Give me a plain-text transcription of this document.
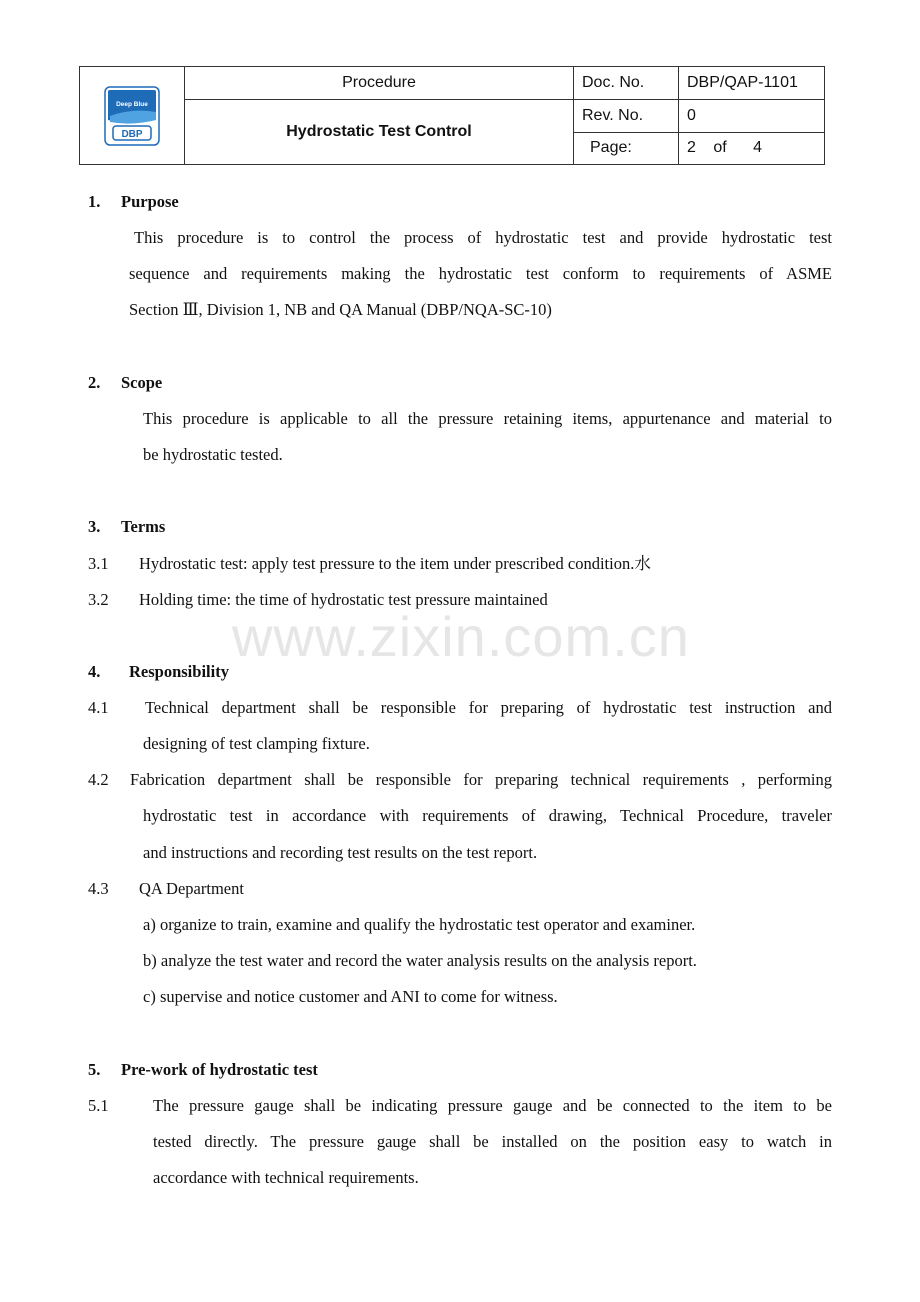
Deep Blue
DBP	Procedure	Doc. No.	DBP/QAP-1101
	Hydrostatic Test Control	Rev. No.	0
		Page:	2 of 4
www.zixin.com.cn
1. Purpose
This procedure is to control the process of hydrostatic test and provide hydrostatic test
sequence and requirements making the hydrostatic test conform to requirements of ASME
Section Ⅲ, Division 1, NB and QA Manual (DBP/NQA-SC-10)
2. Scope
This procedure is applicable to all the pressure retaining items, appurtenance and material to
be hydrostatic tested.
3. Terms
3.1 Hydrostatic test: apply test pressure to the item under prescribed condition.水
3.2 Holding time: the time of hydrostatic test pressure maintained
4. Responsibility
4.1 Technical department shall be responsible for preparing of hydrostatic test instruction and
designing of test clamping fixture.
4.2 Fabrication department shall be responsible for preparing technical requirements , performing
hydrostatic test in accordance with requirements of drawing, Technical Procedure, traveler
and instructions and recording test results on the test report.
4.3 QA Department
a) organize to train, examine and qualify the hydrostatic test operator and examiner.
b) analyze the test water and record the water analysis results on the analysis report.
c) supervise and notice customer and ANI to come for witness.
5. Pre-work of hydrostatic test
5.1	The pressure gauge shall be indicating pressure gauge and be connected to the item to be
tested directly. The pressure gauge shall be installed on the position easy to watch in
accordance with technical requirements.
